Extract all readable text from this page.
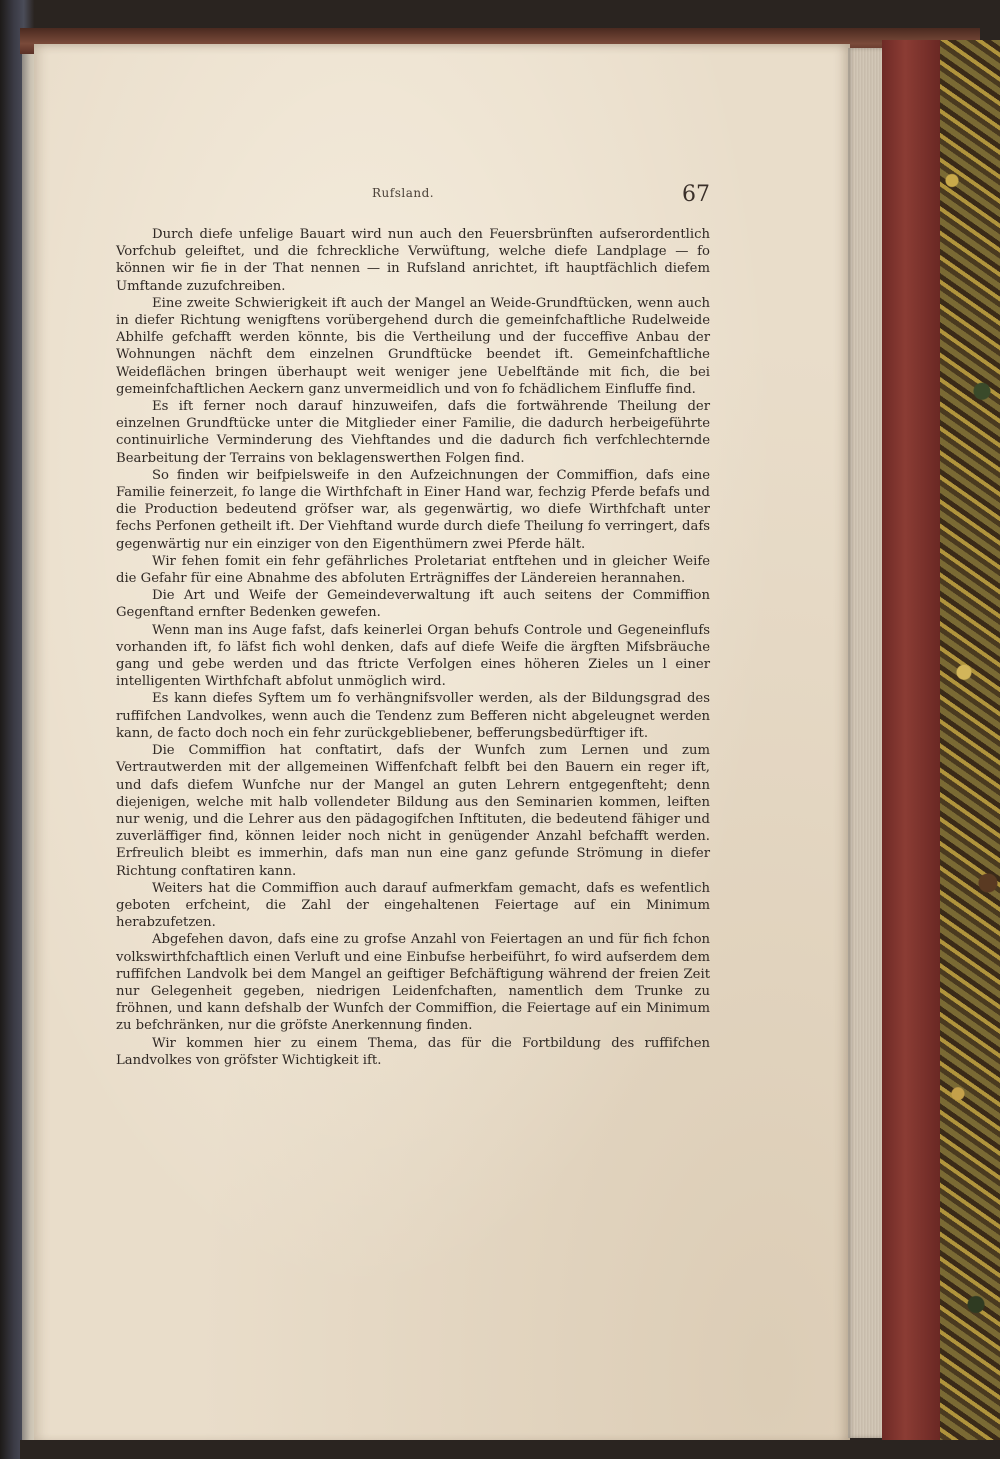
Rufsland.	67

Durch diefe unfelige Bauart wird nun auch den Feuersbrünften aufserordentlich Vorfchub geleiftet, und die fchreckliche Verwüftung, welche diefe Landplage — fo können wir fie in der That nennen — in Rufsland anrichtet, ift hauptfächlich diefem Umftande zuzufchreiben.

Eine zweite Schwierigkeit ift auch der Mangel an Weide-Grundftücken, wenn auch in diefer Richtung wenigftens vorübergehend durch die gemeinfchaftliche Rudelweide Abhilfe gefchafft werden könnte, bis die Vertheilung und der fucceffive Anbau der Wohnungen nächft dem einzelnen Grundftücke beendet ift. Gemeinfchaftliche Weideflächen bringen überhaupt weit weniger jene Uebelftände mit fich, die bei gemeinfchaftlichen Aeckern ganz unvermeidlich und von fo fchädlichem Einfluffe find.

Es ift ferner noch darauf hinzuweifen, dafs die fortwährende Theilung der einzelnen Grundftücke unter die Mitglieder einer Familie, die dadurch herbeigeführte continuirliche Verminderung des Viehftandes und die dadurch fich verfchlechternde Bearbeitung der Terrains von beklagenswerthen Folgen find.

So finden wir beifpielsweife in den Aufzeichnungen der Commiffion, dafs eine Familie feinerzeit, fo lange die Wirthfchaft in Einer Hand war, fechzig Pferde befafs und die Production bedeutend gröfser war, als gegenwärtig, wo diefe Wirthfchaft unter fechs Perfonen getheilt ift. Der Viehftand wurde durch diefe Theilung fo verringert, dafs gegenwärtig nur ein einziger von den Eigenthümern zwei Pferde hält.

Wir fehen fomit ein fehr gefährliches Proletariat entftehen und in gleicher Weife die Gefahr für eine Abnahme des abfoluten Erträgniffes der Ländereien herannahen.

Die Art und Weife der Gemeindeverwaltung ift auch seitens der Commiffion Gegenftand ernfter Bedenken gewefen.

Wenn man ins Auge fafst, dafs keinerlei Organ behufs Controle und Gegeneinflufs vorhanden ift, fo läfst fich wohl denken, dafs auf diefe Weife die ärgften Mifsbräuche gang und gebe werden und das ftricte Verfolgen eines höheren Zieles un l einer intelligenten Wirthfchaft abfolut unmöglich wird.

Es kann diefes Syftem um fo verhängnifsvoller werden, als der Bildungsgrad des ruffifchen Landvolkes, wenn auch die Tendenz zum Befferen nicht abgeleugnet werden kann, de facto doch noch ein fehr zurückgebliebener, befferungsbedürftiger ift.

Die Commiffion hat conftatirt, dafs der Wunfch zum Lernen und zum Vertrautwerden mit der allgemeinen Wiffenfchaft felbft bei den Bauern ein reger ift, und dafs diefem Wunfche nur der Mangel an guten Lehrern entgegenfteht; denn diejenigen, welche mit halb vollendeter Bildung aus den Seminarien kommen, leiften nur wenig, und die Lehrer aus den pädagogifchen Inftituten, die bedeutend fähiger und zuverläffiger find, können leider noch nicht in genügender Anzahl befchafft werden. Erfreulich bleibt es immerhin, dafs man nun eine ganz gefunde Strömung in diefer Richtung conftatiren kann.

Weiters hat die Commiffion auch darauf aufmerkfam gemacht, dafs es wefentlich geboten erfcheint, die Zahl der eingehaltenen Feiertage auf ein Minimum herabzufetzen.

Abgefehen davon, dafs eine zu grofse Anzahl von Feiertagen an und für fich fchon volkswirthfchaftlich einen Verluft und eine Einbufse herbeiführt, fo wird aufserdem dem ruffifchen Landvolk bei dem Mangel an geiftiger Befchäftigung während der freien Zeit nur Gelegenheit gegeben, niedrigen Leidenfchaften, namentlich dem Trunke zu fröhnen, und kann defshalb der Wunfch der Commiffion, die Feiertage auf ein Minimum zu befchränken, nur die gröfste Anerkennung finden.

Wir kommen hier zu einem Thema, das für die Fortbildung des ruffifchen Landvolkes von gröfster Wichtigkeit ift.
